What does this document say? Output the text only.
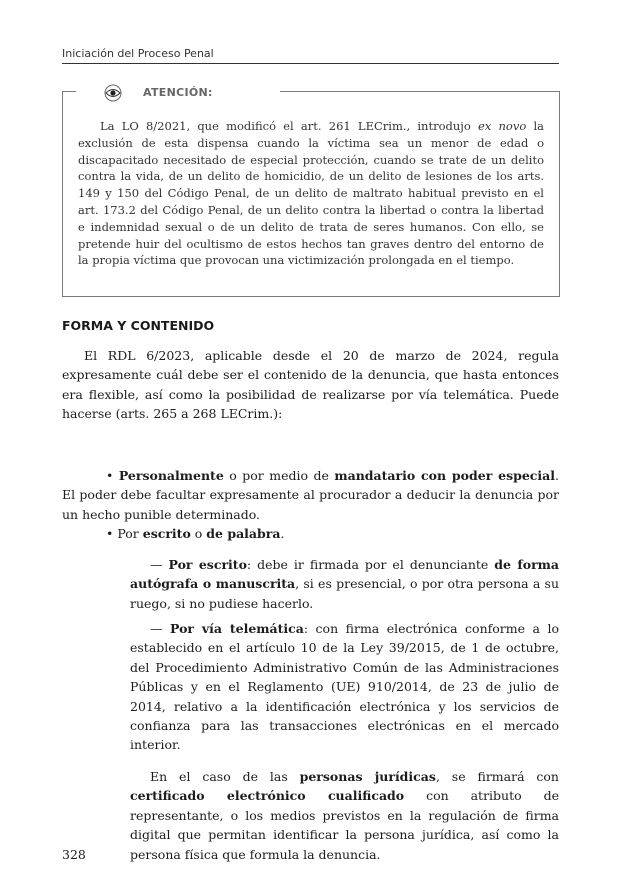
Iniciación del Proceso Penal
ATENCIÓN:

La LO 8/2021, que modificó el art. 261 LECrim., introdujo ex novo la exclusión de esta dispensa cuando la víctima sea un menor de edad o discapacitado necesitado de especial protección, cuando se trate de un delito contra la vida, de un delito de homicidio, de un delito de lesiones de los arts. 149 y 150 del Código Penal, de un delito de maltrato habitual previsto en el art. 173.2 del Código Penal, de un delito contra la libertad o contra la libertad e indemnidad sexual o de un delito de trata de seres humanos. Con ello, se pretende huir del ocultismo de estos hechos tan graves dentro del entorno de la propia víctima que provocan una victimización prolongada en el tiempo.

FORMA Y CONTENIDO

El RDL 6/2023, aplicable desde el 20 de marzo de 2024, regula expresamente cuál debe ser el contenido de la denuncia, que hasta entonces era flexible, así como la posibilidad de realizarse por vía telemática. Puede hacerse (arts. 265 a 268 LECrim.):

• Personalmente o por medio de mandatario con poder especial. El poder debe facultar expresamente al procurador a deducir la denuncia por un hecho punible determinado.

• Por escrito o de palabra.

— Por escrito: debe ir firmada por el denunciante de forma autógrafa o manuscrita, si es presencial, o por otra persona a su ruego, si no pudiese hacerlo.

— Por vía telemática: con firma electrónica conforme a lo establecido en el artículo 10 de la Ley 39/2015, de 1 de octubre, del Procedimiento Administrativo Común de las Administraciones Públicas y en el Reglamento (UE) 910/2014, de 23 de julio de 2014, relativo a la identificación electrónica y los servicios de confianza para las transacciones electrónicas en el mercado interior.

En el caso de las personas jurídicas, se firmará con certificado electrónico cualificado con atributo de representante, o los medios previstos en la regulación de firma digital que permitan identificar la persona jurídica, así como la persona física que formula la denuncia.

328
